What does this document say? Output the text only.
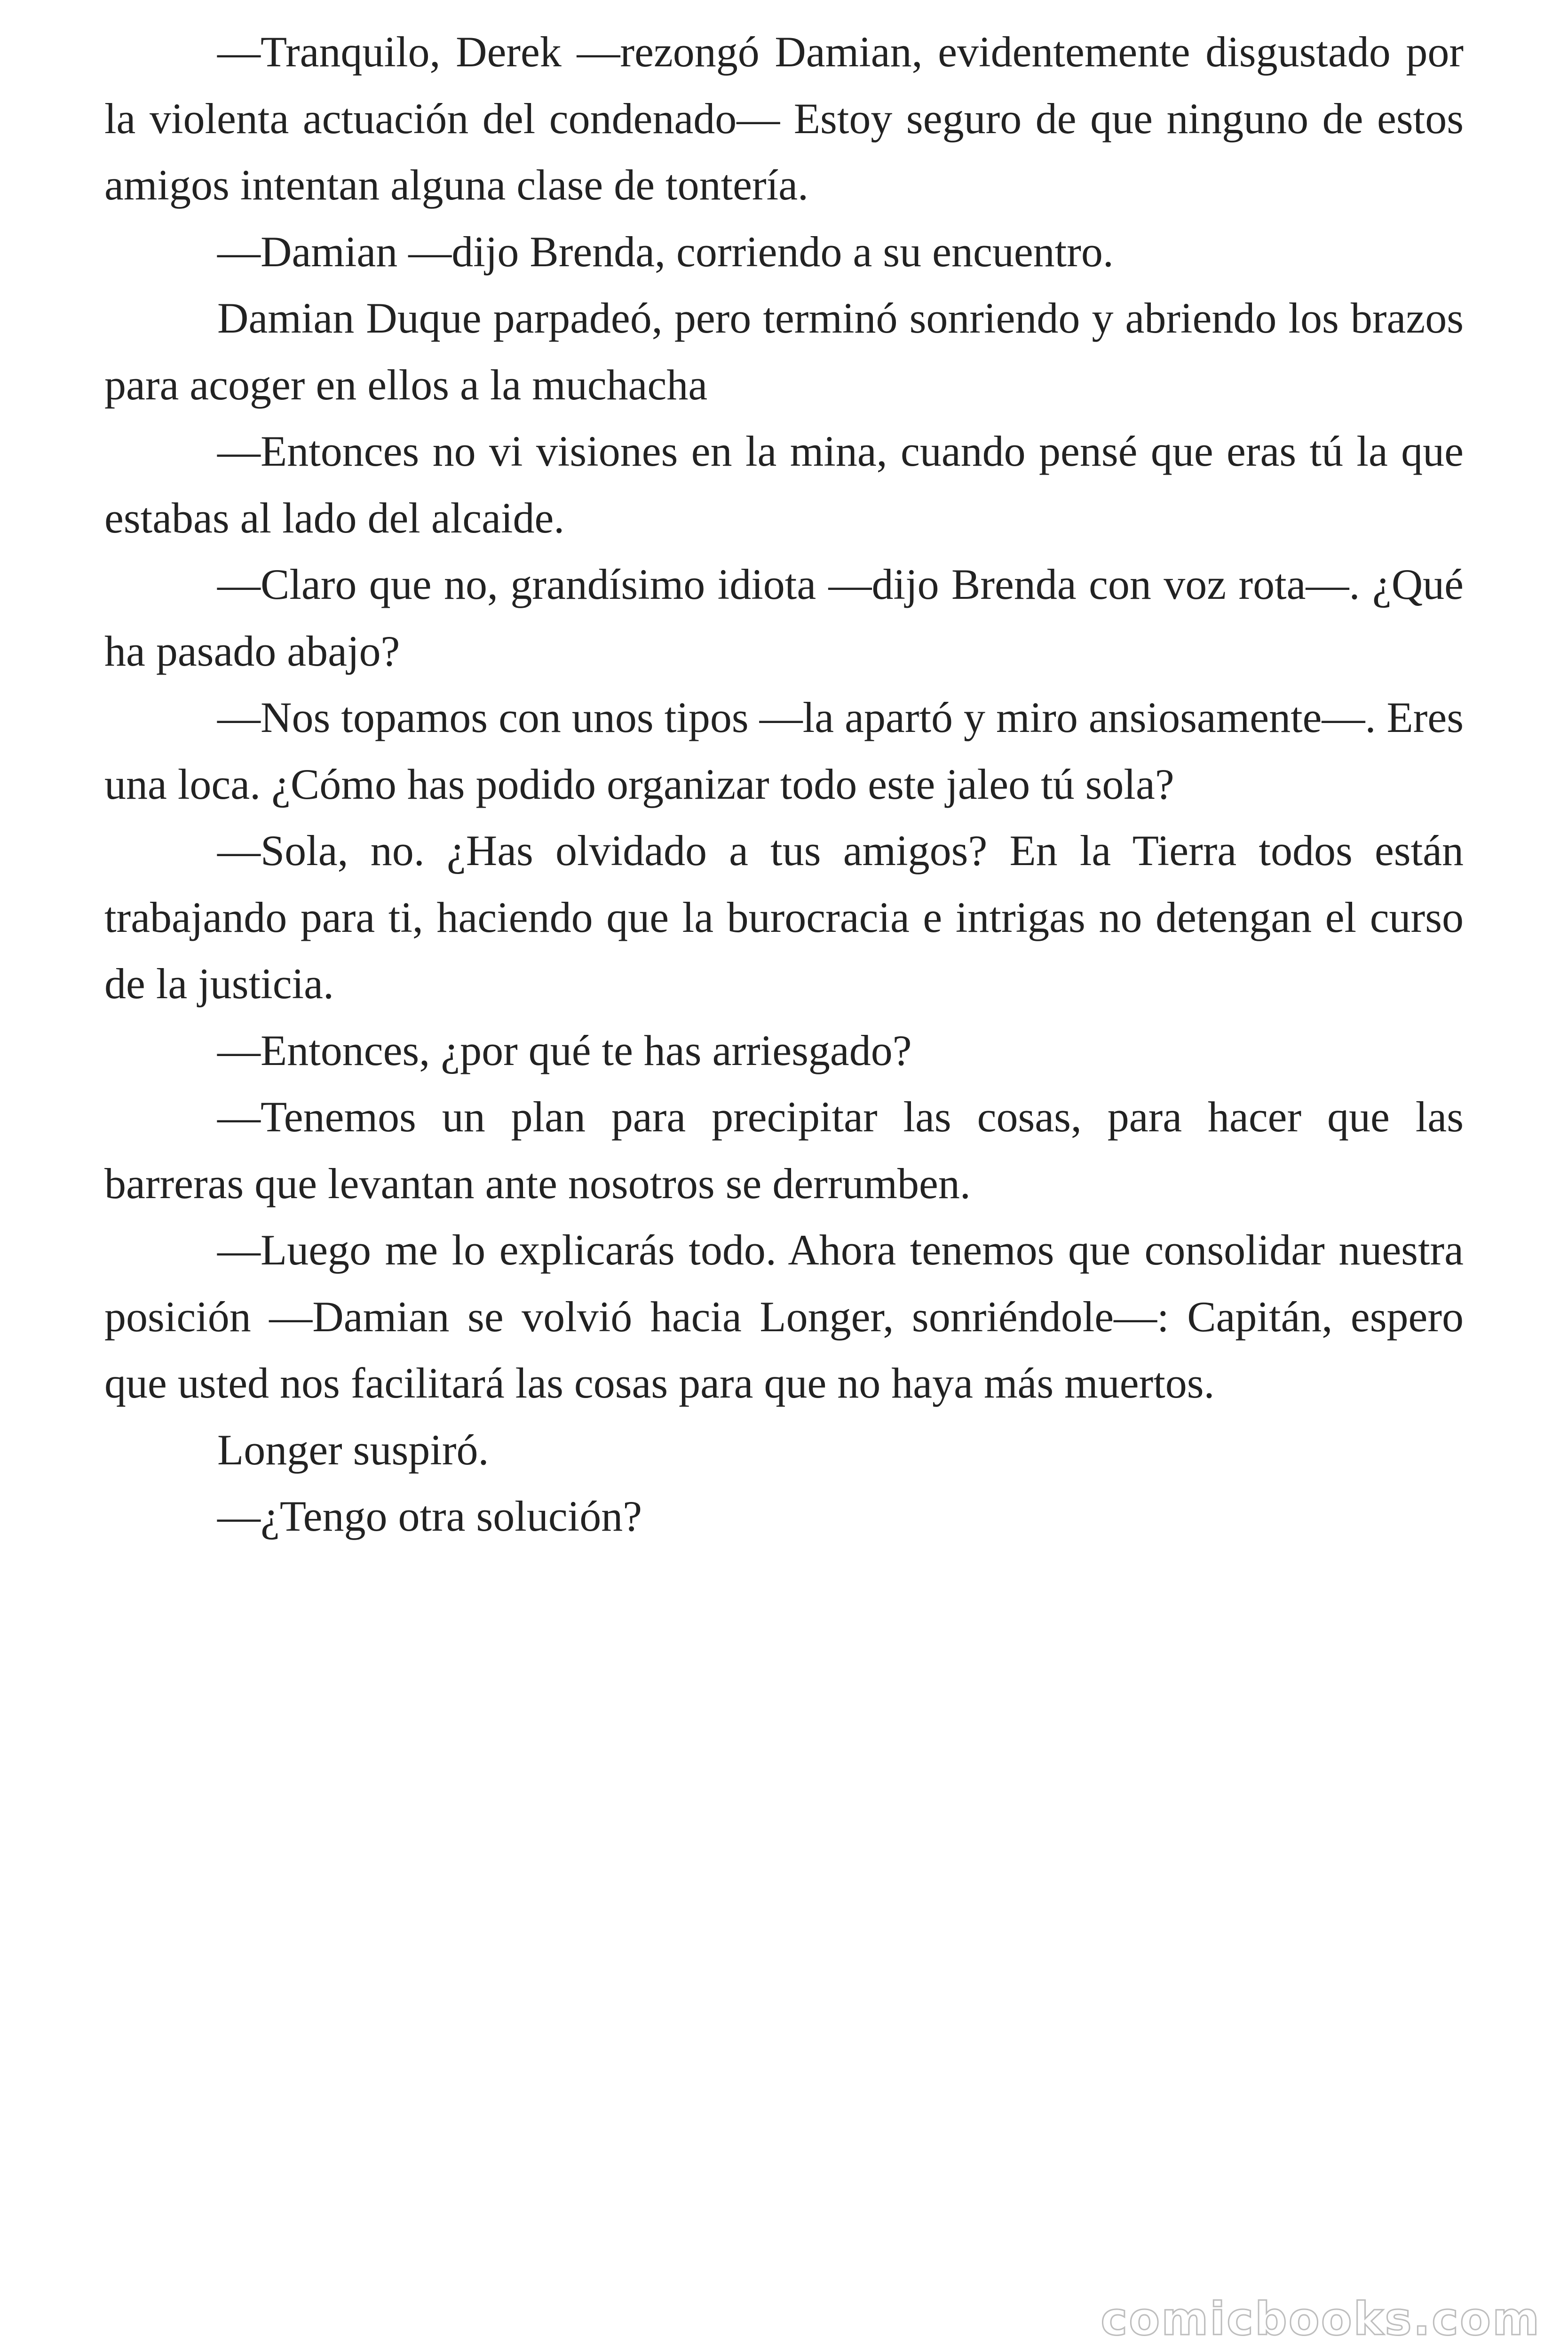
—Tranquilo, Derek —rezongó Damian, evidentemente disgustado por la violenta actuación del condenado— Estoy seguro de que ninguno de estos amigos intentan alguna clase de tontería.

—Damian —dijo Brenda, corriendo a su encuentro.

Damian Duque parpadeó, pero terminó sonriendo y abriendo los brazos para acoger en ellos a la muchacha

—Entonces no vi visiones en la mina, cuando pensé que eras tú la que estabas al lado del alcaide.

—Claro que no, grandísimo idiota —dijo Brenda con voz rota—. ¿Qué ha pasado abajo?

—Nos topamos con unos tipos —la apartó y miro ansiosamente—. Eres una loca. ¿Cómo has podido organizar todo este jaleo tú sola?

—Sola, no. ¿Has olvidado a tus amigos? En la Tierra todos están trabajando para ti, haciendo que la burocracia e intrigas no detengan el curso de la justicia.

—Entonces, ¿por qué te has arriesgado?

—Tenemos un plan para precipitar las cosas, para hacer que las barreras que levantan ante nosotros se derrumben.

—Luego me lo explicarás todo. Ahora tenemos que consolidar nuestra posición —Damian se volvió hacia Longer, sonriéndole—: Capitán, espero que usted nos facilitará las cosas para que no haya más muertos.

Longer suspiró.

—¿Tengo otra solución?

comicbooks.com
